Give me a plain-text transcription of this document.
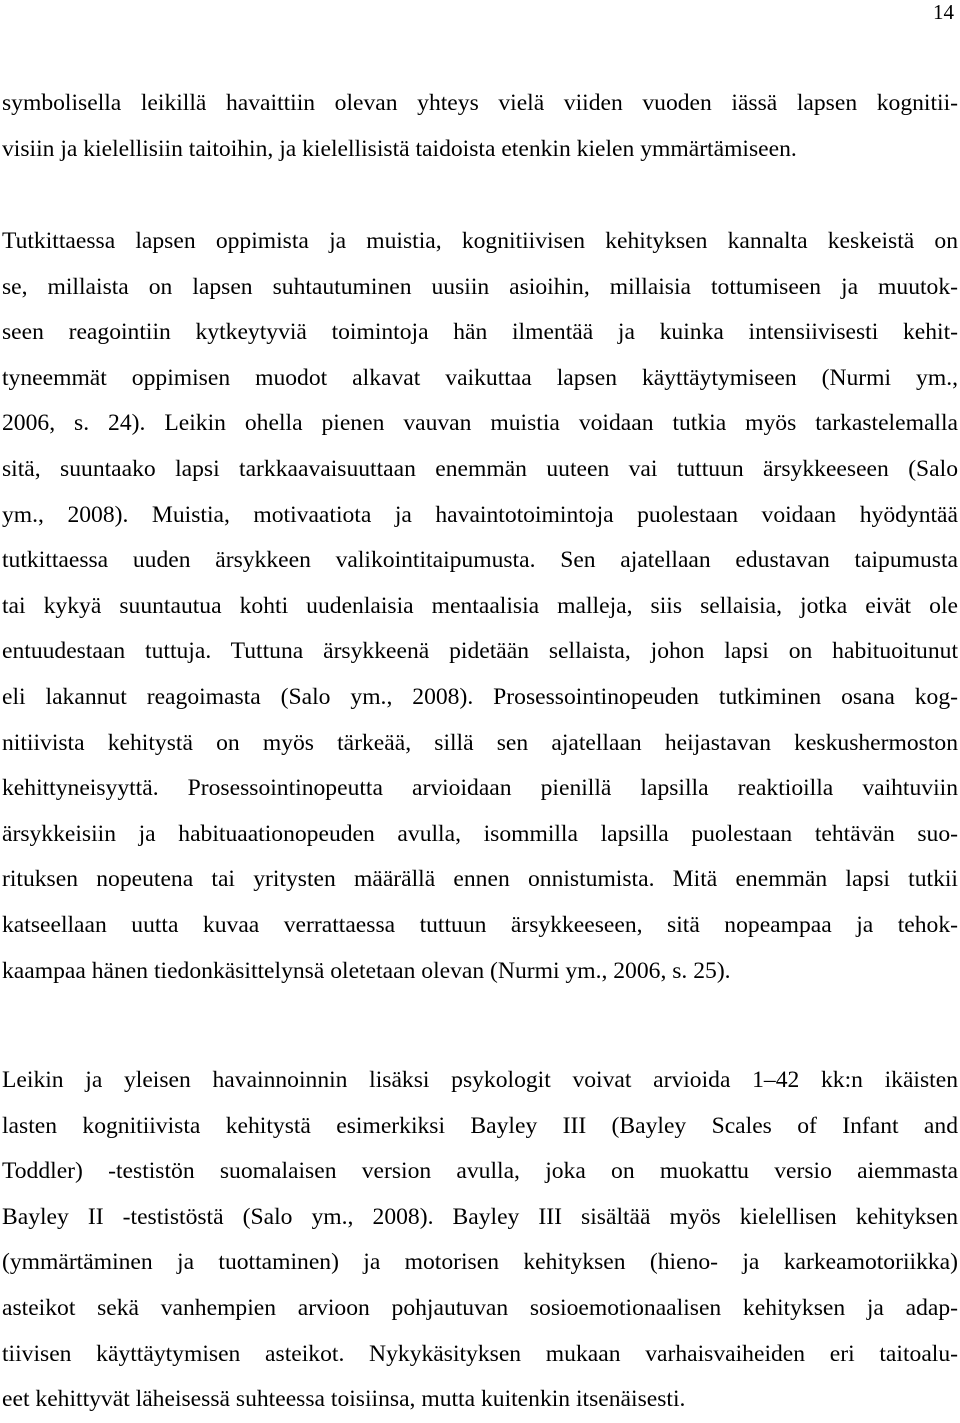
14
symbolisella leikillä havaittiin olevan yhteys vielä viiden vuoden iässä lapsen kognitii-
visiin ja kielellisiin taitoihin, ja kielellisistä taidoista etenkin kielen ymmärtämiseen.
Tutkittaessa lapsen oppimista ja muistia, kognitiivisen kehityksen kannalta keskeistä on
se, millaista on lapsen suhtautuminen uusiin asioihin, millaisia tottumiseen ja muutok-
seen reagointiin kytkeytyviä toimintoja hän ilmentää ja kuinka intensiivisesti kehit-
tyneemmät oppimisen muodot alkavat vaikuttaa lapsen käyttäytymiseen (Nurmi ym.,
2006, s. 24). Leikin ohella pienen vauvan muistia voidaan tutkia myös tarkastelemalla
sitä, suuntaako lapsi tarkkaavaisuuttaan enemmän uuteen vai tuttuun ärsykkeeseen (Salo
ym., 2008). Muistia, motivaatiota ja havaintotoimintoja puolestaan voidaan hyödyntää
tutkittaessa uuden ärsykkeen valikointitaipumusta. Sen ajatellaan edustavan taipumusta
tai kykyä suuntautua kohti uudenlaisia mentaalisia malleja, siis sellaisia, jotka eivät ole
entuudestaan tuttuja. Tuttuna ärsykkeenä pidetään sellaista, johon lapsi on habituoitunut
eli lakannut reagoimasta (Salo ym., 2008). Prosessointinopeuden tutkiminen osana kog-
nitiivista kehitystä on myös tärkeää, sillä sen ajatellaan heijastavan keskushermoston
kehittyneisyyttä. Prosessointinopeutta arvioidaan pienillä lapsilla reaktioilla vaihtuviin
ärsykkeisiin ja habituaationopeuden avulla, isommilla lapsilla puolestaan tehtävän suo-
rituksen nopeutena tai yritysten määrällä ennen onnistumista. Mitä enemmän lapsi tutkii
katseellaan uutta kuvaa verrattaessa tuttuun ärsykkeeseen, sitä nopeampaa ja tehok-
kaampaa hänen tiedonkäsittelynsä oletetaan olevan (Nurmi ym., 2006, s. 25).
Leikin ja yleisen havainnoinnin lisäksi psykologit voivat arvioida 1–42 kk:n ikäisten
lasten kognitiivista kehitystä esimerkiksi Bayley III (Bayley Scales of Infant and
Toddler) -testistön suomalaisen version avulla, joka on muokattu versio aiemmasta
Bayley II -testistöstä (Salo ym., 2008). Bayley III sisältää myös kielellisen kehityksen
(ymmärtäminen ja tuottaminen) ja motorisen kehityksen (hieno- ja karkeamotoriikka)
asteikot sekä vanhempien arvioon pohjautuvan sosioemotionaalisen kehityksen ja adap-
tiivisen käyttäytymisen asteikot. Nykykäsityksen mukaan varhaisvaiheiden eri taitoalu-
eet kehittyvät läheisessä suhteessa toisiinsa, mutta kuitenkin itsenäisesti.
